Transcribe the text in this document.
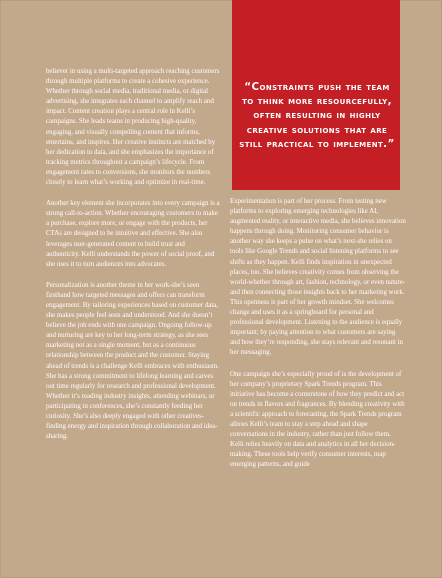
“Constraints push the team to think more resourcefully, often resulting in highly creative solutions that are still practical to implement.”

believer in using a multi-targeted approach reaching customers through multiple platforms to create a cohesive experience. Whether through social media, traditional media, or digital advertising, she integrates each channel to amplify reach and impact. Content creation plays a central role in Kelli’s campaigns. She leads teams in producing high-quality, engaging, and visually compelling content that informs, entertains, and inspires. Her creative instincts are matched by her dedication to data, and she emphasizes the importance of tracking metrics throughout a campaign’s lifecycle. From engagement rates to conversions, she monitors the numbers closely to learn what’s working and optimize in real-time.

Another key element she incorporates into every campaign is a strong call-to-action. Whether encouraging customers to make a purchase, explore more, or engage with the products, her CTAs are designed to be intuitive and effective. She also leverages user-generated content to build trust and authenticity. Kelli understands the power of social proof, and she uses it to turn audiences into advocates.

Personalization is another theme in her work-she’s seen firsthand how targeted messages and offers can transform engagement. By tailoring experiences based on customer data, she makes people feel seen and understood. And she doesn’t believe the job ends with one campaign. Ongoing follow-up and nurturing are key to her long-term strategy, as she sees marketing not as a single moment, but as a continuous relationship between the product and the customer. Staying ahead of trends is a challenge Kelli embraces with enthusiasm. She has a strong commitment to lifelong learning and carves out time regularly for research and professional development. Whether it’s reading industry insights, attending webinars, or participating in conferences, she’s constantly feeding her curiosity. She’s also deeply engaged with other creatives-finding energy and inspiration through collaboration and idea-sharing.

Experimentation is part of her process. From testing new platforms to exploring emerging technologies like AI, augmented reality, or interactive media, she believes innovation happens through doing. Monitoring consumer behavior is another way she keeps a pulse on what’s next-she relies on tools like Google Trends and social listening platforms to see shifts as they happen. Kelli finds inspiration in unexpected places, too. She believes creativity comes from observing the world-whether through art, fashion, technology, or even nature-and then connecting those insights back to her marketing work. This openness is part of her growth mindset. She welcomes change and uses it as a springboard for personal and professional development. Listening to the audience is equally important; by paying attention to what customers are saying and how they’re responding, she stays relevant and resonant in her messaging.

One campaign she’s especially proud of is the development of her company’s proprietary Spark Trends program. This initiative has become a cornerstone of how they predict and act on trends in flavors and fragrances. By blending creativity with a scientific approach to forecasting, the Spark Trends program allows Kelli’s team to stay a step ahead and shape conversations in the industry, rather than just follow them. Kelli relies heavily on data and analytics in all her decision-making. These tools help verify consumer interests, map emerging patterns, and guide
